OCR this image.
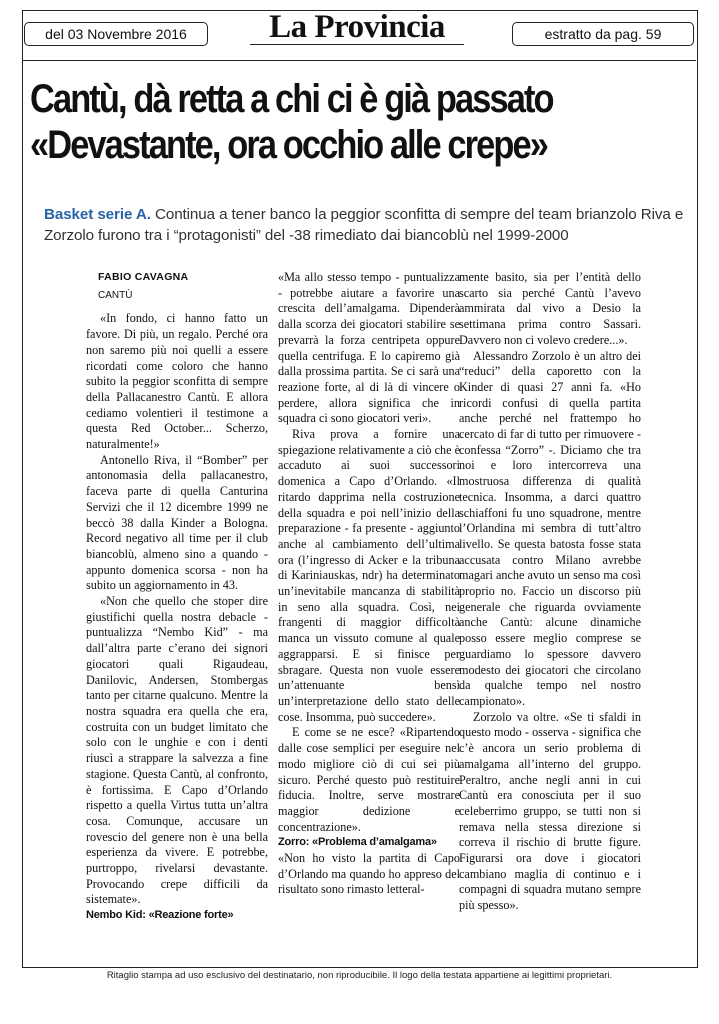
del 03 Novembre 2016	La Provincia	estratto da pag. 59
Cantù, dà retta a chi ci è già passato
«Devastante, ora occhio alle crepe»
Basket serie A. Continua a tener banco la peggior sconfitta di sempre del team brianzolo Riva e Zorzolo furono tra i “protagonisti” del -38 rimediato dai biancoblù nel 1999-2000
FABIO CAVAGNA
CANTÙ

«In fondo, ci hanno fatto un favore. Di più, un regalo. Perché ora non saremo più noi quelli a essere ricordati come coloro che hanno subito la peggior sconfitta di sempre della Pallacanestro Cantù. E allora cediamo volentieri il testimone a questa Red October... Scherzo, naturalmente!»

Antonello Riva, il “Bomber” per antonomasia della pallacanestro, faceva parte di quella Canturina Servizi che il 12 dicembre 1999 ne beccò 38 dalla Kinder a Bologna. Record negativo all time per il club biancoblù, almeno sino a quando - appunto domenica scorsa - non ha subito un aggiornamento in 43.

«Non che quello che stoper dire giustifichi quella nostra debacle - puntualizza “Nembo Kid” - ma dall’altra parte c’erano dei signori giocatori quali Rigaudeau, Danilovic, Andersen, Stombergas tanto per citarne qualcuno. Mentre la nostra squadra era quella che era, costruita con un budget limitato che solo con le unghie e con i denti riuscì a strappare la salvezza a fine stagione. Questa Cantù, al confronto, è fortissima. E Capo d’Orlando rispetto a quella Virtus tutta un’altra cosa. Comunque, accusare un rovescio del genere non è una bella esperienza da vivere. E potrebbe, purtroppo, rivelarsi devastante. Provocando crepe difficili da sistemate».

Nembo Kid: «Reazione forte»

«Ma allo stesso tempo - puntualizza - potrebbe aiutare a favorire una crescita dell’amalgama. Dipenderà dalla scorza dei giocatori stabilire se prevarrà la forza centripeta oppure quella centrifuga. E lo capiremo già dalla prossima partita. Se ci sarà una reazione forte, al di là di vincere o perdere, allora significa che in squadra ci sono giocatori veri».

Riva prova a fornire una spiegazione relativamente a ciò che è accaduto ai suoi successori domenica a Capo d’Orlando. «Il ritardo dapprima nella costruzione della squadra e poi nell’inizio della preparazione - fa presente - aggiunto anche al cambiamento dell’ultima ora (l’ingresso di Acker e la tribuna di Kariniauskas, ndr) ha determinato un’inevitabile mancanza di stabilità in seno alla squadra. Così, nei frangenti di maggior difficoltà manca un vissuto comune al quale aggrapparsi. E si finisce per sbragare. Questa non vuole essere un’attenuante bensì un’interpretazione dello stato delle cose. Insomma, può succedere».

E come se ne esce? «Ripartendo dalle cose semplici per eseguire nel modo migliore ciò di cui sei più sicuro. Perché questo può restituire fiducia. Inoltre, serve mostrare maggior dedizione e concentrazione».

Zorro: «Problema d’amalgama»

«Non ho visto la partita di Capo d’Orlando ma quando ho appreso del risultato sono rimasto letteral-

mente basito, sia per l’entità dello scarto sia perché Cantù l’avevo ammirata dal vivo a Desio la settimana prima contro Sassari. Davvero non ci volevo credere...».

Alessandro Zorzolo è un altro dei “reduci” della caporetto con la Kinder di quasi 27 anni fa. «Ho ricordi confusi di quella partita anche perché nel frattempo ho cercato di far di tutto per rimuovere - confessa “Zorro” -. Diciamo che tra noi e loro intercorreva una mostruosa differenza di qualità tecnica. Insomma, a darci quattro schiaffoni fu uno squadrone, mentre l’Orlandina mi sembra di tutt’altro livello. Se questa batosta fosse stata accusata contro Milano avrebbe magari anche avuto un senso ma così proprio no. Faccio un discorso più generale che riguarda ovviamente anche Cantù: alcune dinamiche posso essere meglio comprese se guardiamo lo spessore davvero modesto dei giocatori che circolano da qualche tempo nel nostro campionato».

Zorzolo va oltre. «Se ti sfaldi in questo modo - osserva - significa che c’è ancora un serio problema di amalgama all’interno del gruppo. Peraltro, anche negli anni in cui Cantù era conosciuta per il suo celeberrimo gruppo, se tutti non si remava nella stessa direzione si correva il rischio di brutte figure. Figurarsi ora dove i giocatori cambiano maglia di continuo e i compagni di squadra mutano sempre più spesso».

Ritaglio stampa ad uso esclusivo del destinatario, non riproducibile. Il logo della testata appartiene ai legittimi proprietari.
